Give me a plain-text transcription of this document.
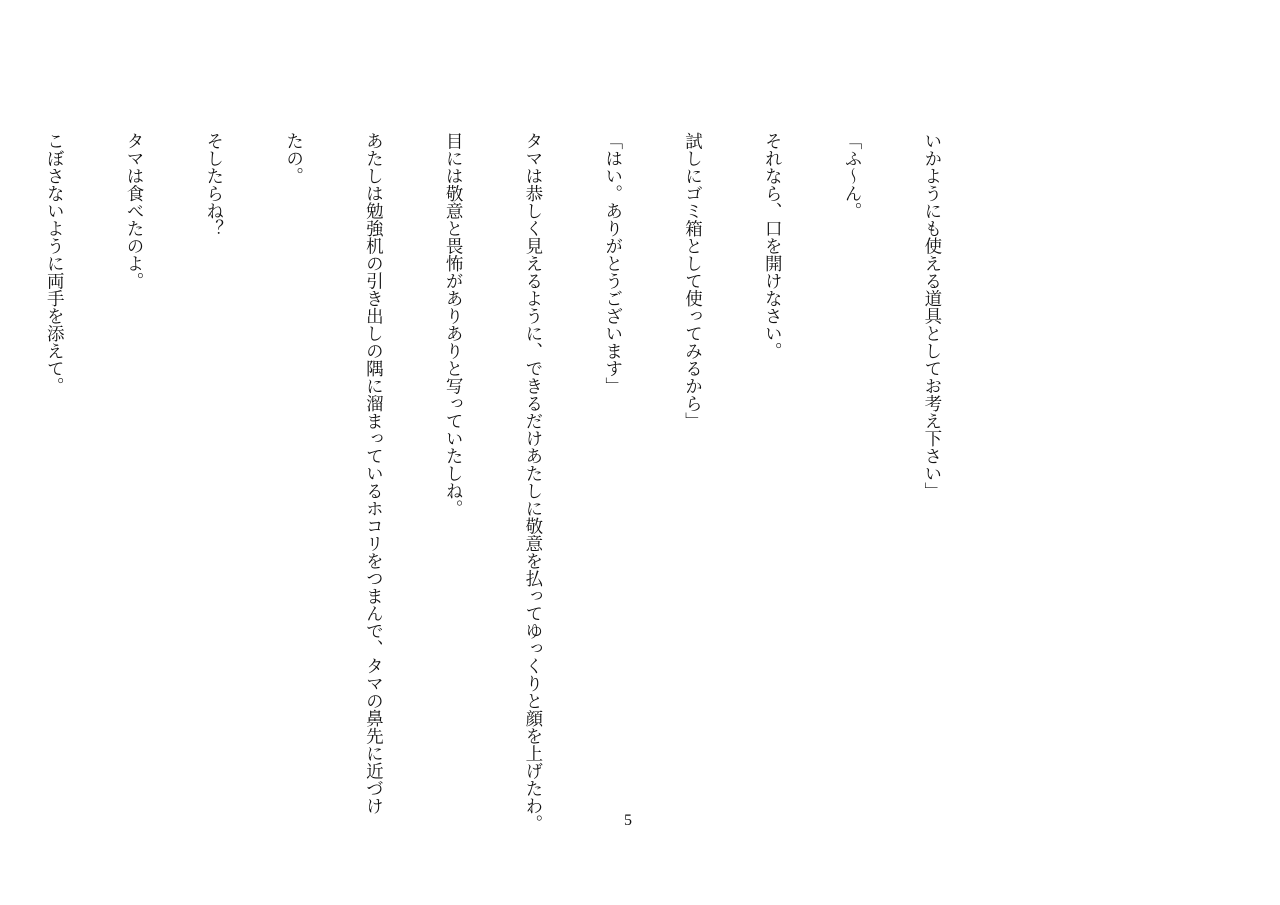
いかようにも使える道具としてお考え下さい」

「ふ～ん。

それなら、口を開けなさい。

試しにゴミ箱として使ってみるから」

「はい。ありがとうございます」

タマは恭しく見えるように、できるだけあたしに敬意を払ってゆっくりと顔を上げたわ。

目には敬意と畏怖がありありと写っていたしね。

あたしは勉強机の引き出しの隅に溜まっているホコリをつまんで、タマの鼻先に近づけ

たの。

そしたらね？

タマは食べたのよ。

こぼさないように両手を添えて。

5
